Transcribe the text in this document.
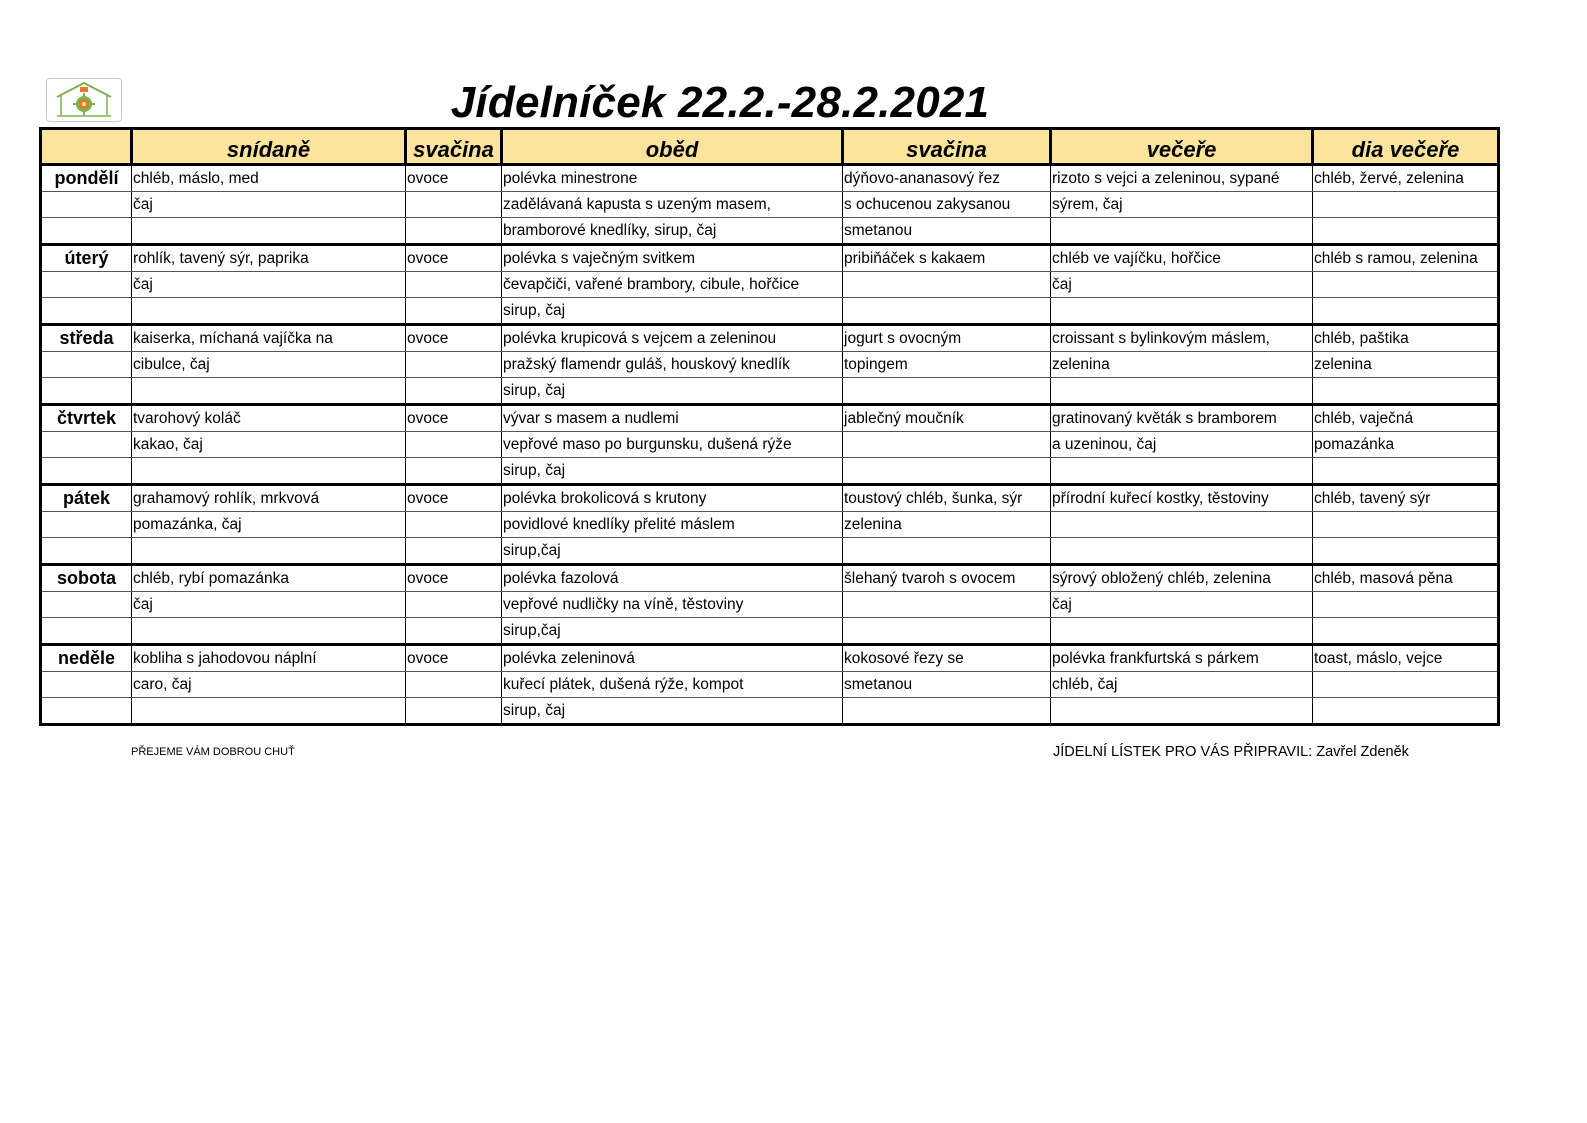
Jídelníček 22.2.-28.2.2021
	snídaně	svačina	oběd	svačina	večeře	dia večeře
pondělí	chléb, máslo, med	ovoce	polévka minestrone	dýňovo-ananasový řez	rizoto s vejci a zeleninou, sypané	chléb, žervé, zelenina
	čaj		zadělávaná kapusta s uzeným masem,	s ochucenou zakysanou	sýrem, čaj	
			bramborové knedlíky, sirup, čaj	smetanou		
úterý	rohlík, tavený sýr, paprika	ovoce	polévka s vaječným svitkem	pribiňáček s kakaem	chléb ve vajíčku, hořčice	chléb s ramou, zelenina
	čaj		čevapčiči, vařené brambory, cibule, hořčice		čaj	
			sirup, čaj			
středa	kaiserka, míchaná vajíčka na	ovoce	polévka krupicová s vejcem a zeleninou	jogurt s ovocným	croissant s bylinkovým máslem,	chléb, paštika
	cibulce, čaj		pražský flamendr guláš, houskový knedlík	topingem	zelenina	zelenina
			sirup, čaj			
čtvrtek	tvarohový koláč	ovoce	vývar s masem a nudlemi	jablečný moučník	gratinovaný květák s bramborem	chléb, vaječná
	kakao, čaj		vepřové maso po burgunsku, dušená rýže		a uzeninou, čaj	pomazánka
			sirup, čaj			
pátek	grahamový rohlík, mrkvová	ovoce	polévka brokolicová s krutony	toustový chléb, šunka, sýr	přírodní kuřecí kostky, těstoviny	chléb, tavený sýr
	pomazánka, čaj		povidlové knedlíky přelité máslem	zelenina		
			sirup,čaj			
sobota	chléb, rybí pomazánka	ovoce	polévka fazolová	šlehaný tvaroh s ovocem	sýrový obložený chléb, zelenina	chléb, masová pěna
	čaj		vepřové nudličky na víně, těstoviny		čaj	
			sirup,čaj			
neděle	kobliha s jahodovou náplní	ovoce	polévka zeleninová	kokosové řezy se	polévka frankfurtská s párkem	toast, máslo, vejce
	caro, čaj		kuřecí plátek, dušená rýže, kompot	smetanou	chléb, čaj	
			sirup, čaj			
PŘEJEME VÁM DOBROU CHUŤ	JÍDELNÍ LÍSTEK PRO VÁS PŘIPRAVIL: Zavřel Zdeněk
